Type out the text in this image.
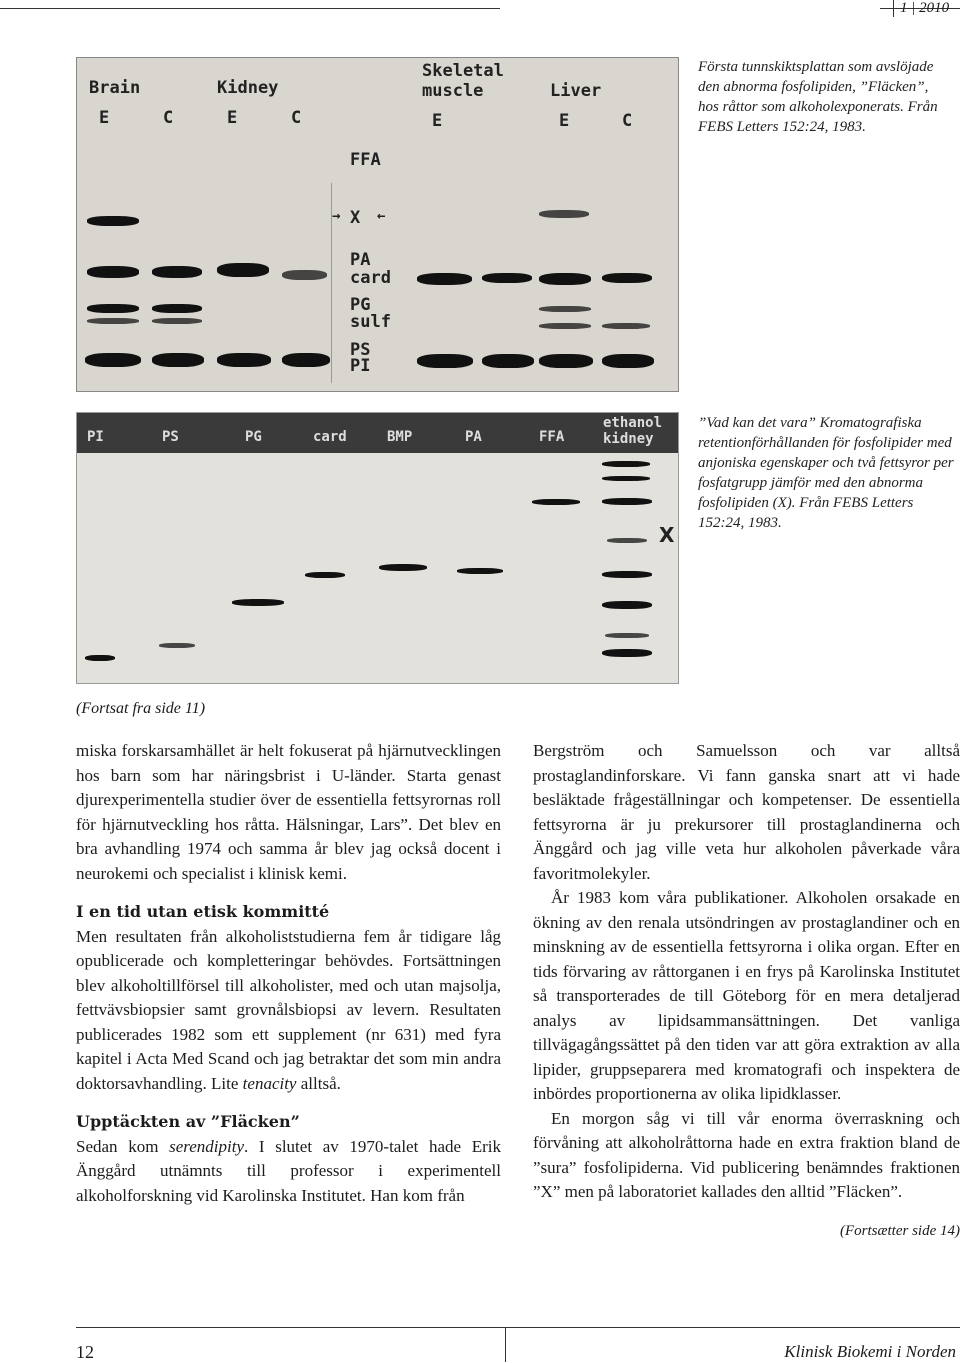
1 | 2010
Brain	Kidney
Skeletal
muscle	Liver
E	C	E	C	E	E	C
FFA
→ X ←
PA
card
PG
sulf
PS
PI
Första tunnskiktsplattan som avslöjade den abnorma fosfolipiden, ”Fläcken”, hos råttor som alkoholexponerats. Från FEBS Letters 152:24, 1983.
PI	PS	PG	card	BMP	PA	FFA
ethanol
kidney
X
”Vad kan det vara” Kromatografiska retentionförhållanden för fosfolipider med anjoniska egenskaper och två fettsyror per fosfatgrupp jämför med den abnorma fosfolipiden (X). Från FEBS Letters 152:24, 1983.
(Fortsat fra side 11)

miska forskarsamhället är helt fokuserat på hjärnutvecklingen hos barn som har näringsbrist i U-länder. Starta genast djurexperimentella studier över de essentiella fettsyrornas roll för hjärnutveckling hos råtta. Hälsningar, Lars”. Det blev en bra avhandling 1974 och samma år blev jag också docent i neurokemi och specialist i klinisk kemi.

I en tid utan etisk kommitté

Men resultaten från alkoholiststudierna fem år tidigare låg opublicerade och kompletteringar behövdes. Fortsättningen blev alkoholtillförsel till alkoholister, med och utan majsolja, fettvävsbiopsier samt grovnålsbiopsi av levern. Resultaten publicerades 1982 som ett supplement (nr 631) med fyra kapitel i Acta Med Scand och jag betraktar det som min andra doktorsavhandling. Lite tenacity alltså.

Upptäckten av ”Fläcken”

Sedan kom serendipity. I slutet av 1970-talet hade Erik Änggård utnämnts till professor i experimentell alkoholforskning vid Karolinska Institutet. Han kom från

Bergström och Samuelsson och var alltså prostaglandinforskare. Vi fann ganska snart att vi hade besläktade frågeställningar och kompetenser. De essentiella fettsyrorna är ju prekursorer till prostaglandinerna och Änggård och jag ville veta hur alkoholen påverkade våra favoritmolekyler.

År 1983 kom våra publikationer. Alkoholen orsakade en ökning av den renala utsöndringen av prostaglandiner och en minskning av de essentiella fettsyrorna i olika organ. Efter en tids förvaring av råttorganen i en frys på Karolinska Institutet så transporterades de till Göteborg för en mera detaljerad analys av lipidsammansättningen. Det vanliga tillvägagångssättet på den tiden var att göra extraktion av alla lipider, gruppseparera med kromatografi och inspektera de inbördes proportionerna av olika lipidklasser.

En morgon såg vi till vår enorma överraskning och förvåning att alkoholråttorna hade en extra fraktion bland de ”sura” fosfolipiderna. Vid publicering benämndes fraktionen ”X” men på laboratoriet kallades den alltid ”Fläcken”.

(Fortsætter side 14)

12	Klinisk Biokemi i Norden
